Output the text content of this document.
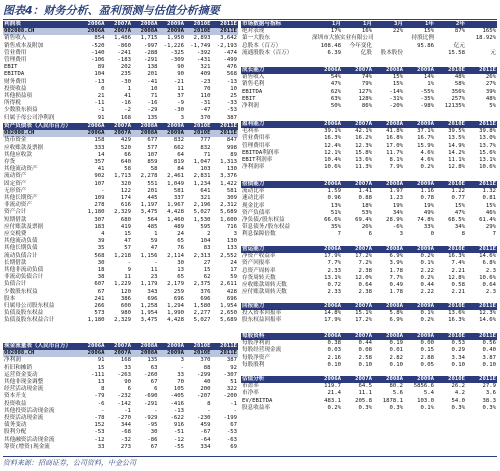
图表4：财务分析、盈利预测与估值分析摘要
利润表	2006A	2007A	2008A	2009A	2010E	2011E
002008.CH	2006A	2007A	2008A	2009A	2010E	2011E
销售收入	854	1,486	1,715	1,950	2,893	3,642
销售成本及附加	-520	-860	-997	-1,226	-1,749	-2,193
管业费用	-140	-241	-288	-325	-392	-474
管理费用	-106	-183	-291	-309	-431	-499
EBIT	89	202	138	90	321	476
EBITDA	104	235	201	90	409	568
财务费用	-13	-30	-41	-21	-23	-13
投资收益	0	1	10	11	70	10
其他损益项	21	41	71	37	110	25
所得税	-11	-16	-16	-9	-31	-33
少数股东损益	-1	-2	-29	-30	-47	-53
归属于母公司净利润	91	168	135	3	370	387
资产负债表（人民币百万）	2006A	2007A	2008A	2009A	2010E	2011E
002008.CH	2006A	2007A	2008A	2009A	2010E	2011E
货币资金	158	429	677	832	777	847
应收账款及票据	333	520	577	662	832	998
其他应收款	14	66	107	64	71	89
存货	357	640	859	819	1,047	1,313
其他流动资产	41	58	58	84	103	130
流动资产	902	1,713	2,278	2,461	2,831	3,376
固定资产	107	320	551	1,049	1,234	1,422
无形资产	-	122	201	581	641	581
其他长期资产	109	174	445	337	321	309
非流动资产	278	616	1,197	1,967	2,196	2,312
资产合计	1,180	2,329	3,475	4,428	5,027	5,689
短期借款	307	680	564	1,460	1,530	1,600
应付账款及票据	183	419	485	489	595	716
应交税费	4	15	1	24	2	3
其他流动负债	39	47	59	65	104	130
其他长期负债	35	57	47	76	83	133
流动负债合计	568	1,218	1,156	2,114	2,313	2,552
长期借款	30	-	-	30	27	24
其他非流动负债	18	9	11	13	15	17
非流动负债合计	38	11	23	65	62	59
负债合计	607	1,229	1,179	2,179	2,375	2,611
少数股东权益	67	120	343	259	376	428
股本	241	386	696	696	696	696
归属母公司股东权益	266	600	1,258	1,294	1,580	1,954
负债及股东权益	573	980	1,954	1,990	2,277	2,650
负债及股东权益合计	1,180	2,329	3,475	4,428	5,027	5,689
现金流量表（人民币百万）	2006A	2007A	2008A	2009A	2010E	2011E
002008.CH	2006A	2007A	2008A	2009A	2010E	2011E
净利润	91	168	135	3	370	387
折旧和摊销	15	33	63	-	88	92
运营资金变动	-111	-263	-260	33	-299	-307
其他非现金调整	13	90	67	70	40	51
经营活动现金流	8	6	6	105	200	322
资本开支	-79	-232	-690	-405	-207	-200
投资收益	-6	-142	-291	-416	8	-1
其他投资活动现金流	-	-1	-	-13	-	-
投资活动现金流	-78	-270	-929	-622	-230	-199
债务变动	152	344	-95	916	459	67
股利分配	-53	-68	30	-51	-67	-53
其他融资活动现金流	-12	-32	-86	-12	-64	-63
筹资(增资)现金流	33	273	67	-55	334	69
市场数据与指标	1月	1月	3月	1年	2年	
绝对表现	17%	16%	22%	15%	87%	165%
第一大股东	深圳市大族实业有限公司			持股比例		18.92%
总股本（百万）	108.48	今年变化		95.86	亿元	
流通股股本（百万）	6.39	亿股	股本股份		15.58	元
成长能力	2006A	2007A	2008A	2009A	2010E	2011E
销售收入	54%	74%	15%	14%	48%	26%
销售毛利	47%	79%	15%	1%	58%	27%
EBITDA	62%	127%	-14%	-55%	356%	39%
EBIT	63%	128%	-31%	-35%	257%	48%
净利润	50%	86%	-20%	-98%	12135%	5%
盈利能力	2006A	2007A	2008A	2009A	2010E	2011E
毛利率	39.1%	42.1%	41.8%	37.1%	39.5%	39.8%
营业费用率	16.3%	16.2%	16.8%	16.7%	13.5%	13.0%
管理费用率	12.4%	12.3%	17.0%	15.9%	14.9%	13.7%
EBITDA利润率	12.1%	15.8%	11.7%	4.6%	14.2%	15.6%
EBIT利润率	10.4%	13.6%	8.1%	4.6%	11.1%	13.1%
净利润率	10.6%	11.3%	7.9%	0.2%	12.8%	10.6%
偿债能力	2006A	2007A	2008A	2009A	2010E	2011E
流动比率	1.59	1.41	1.97	1.16	1.22	1.32
速动比率	0.96	0.88	1.23	0.78	0.77	0.81
现金比率	13%	18%	19%	19%	15%	15%
资产负债率	51%	53%	34%	49%	47%	46%
净负债/股东权益	66.6%	69.4%	28.9%	74.8%	68.5%	61.4%
带息债务/股东权益	35%	26%	-6%	33%	34%	29%
利息保障倍数	7	6	3	0	8	7
营运能力	2006A	2007A	2008A	2009A	2010E	2011E
净资产收益率	17.9%	17.2%	6.9%	0.2%	16.3%	14.6%
资产回报率	7.7%	7.2%	3.9%	0.1%	7.4%	6.8%
总资产周转率	2.33	2.38	1.78	2.22	2.21	2.3
存货周转天数	13.1%	12.0%	7.7%	0.2%	12.8%	10.6%
应收账款周转天数	0.72	0.64	0.49	0.44	0.58	0.64
应付账款周转天数	2.33	2.38	1.78	2.22	2.21	2.3
回报能力	2006A	2007A	2008A	2009A	2010E	2011E
投入资本回报率	14.8%	15.1%	5.8%	0.1%	13.6%	12.3%
股东权益回报率	17.9%	17.2%	6.9%	0.2%	16.3%	14.6%
每股资料	2006A	2007A	2008A	2009A	2010E	2011E
每股净利润	0.38	0.44	0.19	0.00	0.53	0.56
每股经营现金流	0.03	0.08	0.01	0.15	0.29	0.40
每股净资产	2.16	2.58	2.82	2.88	3.34	3.87
每股股利	0.10	0.10	0.10	0.05	0.10	0.10
估值分析	2006A	2007A	2008A	2009A	2010E	2011E
市盈率	119.7	64.5	80.2	5856.6	26.2	27.9
市净率	21.4	11.1	5.6	5.4	4.2	3.6
EV/EBITDA	483.1	205.8	1878.1	103.0	54.0	38.3
股息收益率	0.2%	0.3%	0.3%	0.1%	0.3%	0.3%
资料来源：招商证券，公司资料，中金公司
